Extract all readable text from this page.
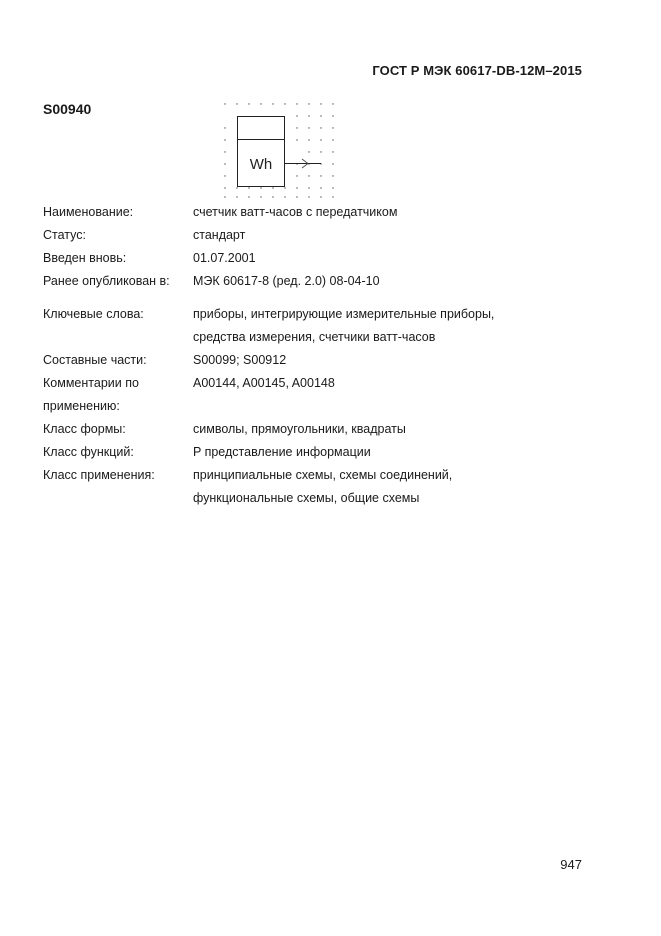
ГОСТ Р МЭК 60617-DB-12M–2015
S00940
Wh
Наименование:	счетчик ватт-часов с передатчиком
Статус:	стандарт
Введен вновь:	01.07.2001
Ранее опубликован в:	МЭК 60617-8 (ред. 2.0) 08-04-10
Ключевые слова:	приборы, интегрирующие измерительные приборы,
средства измерения, счетчики ватт-часов
Составные части:	S00099; S00912
Комментарии по
применению:
A00144, A00145, A00148
Класс формы:	символы, прямоугольники, квадраты
Класс функций:	P представление информации
Класс применения:	принципиальные схемы, схемы соединений,
функциональные схемы, общие схемы
947
